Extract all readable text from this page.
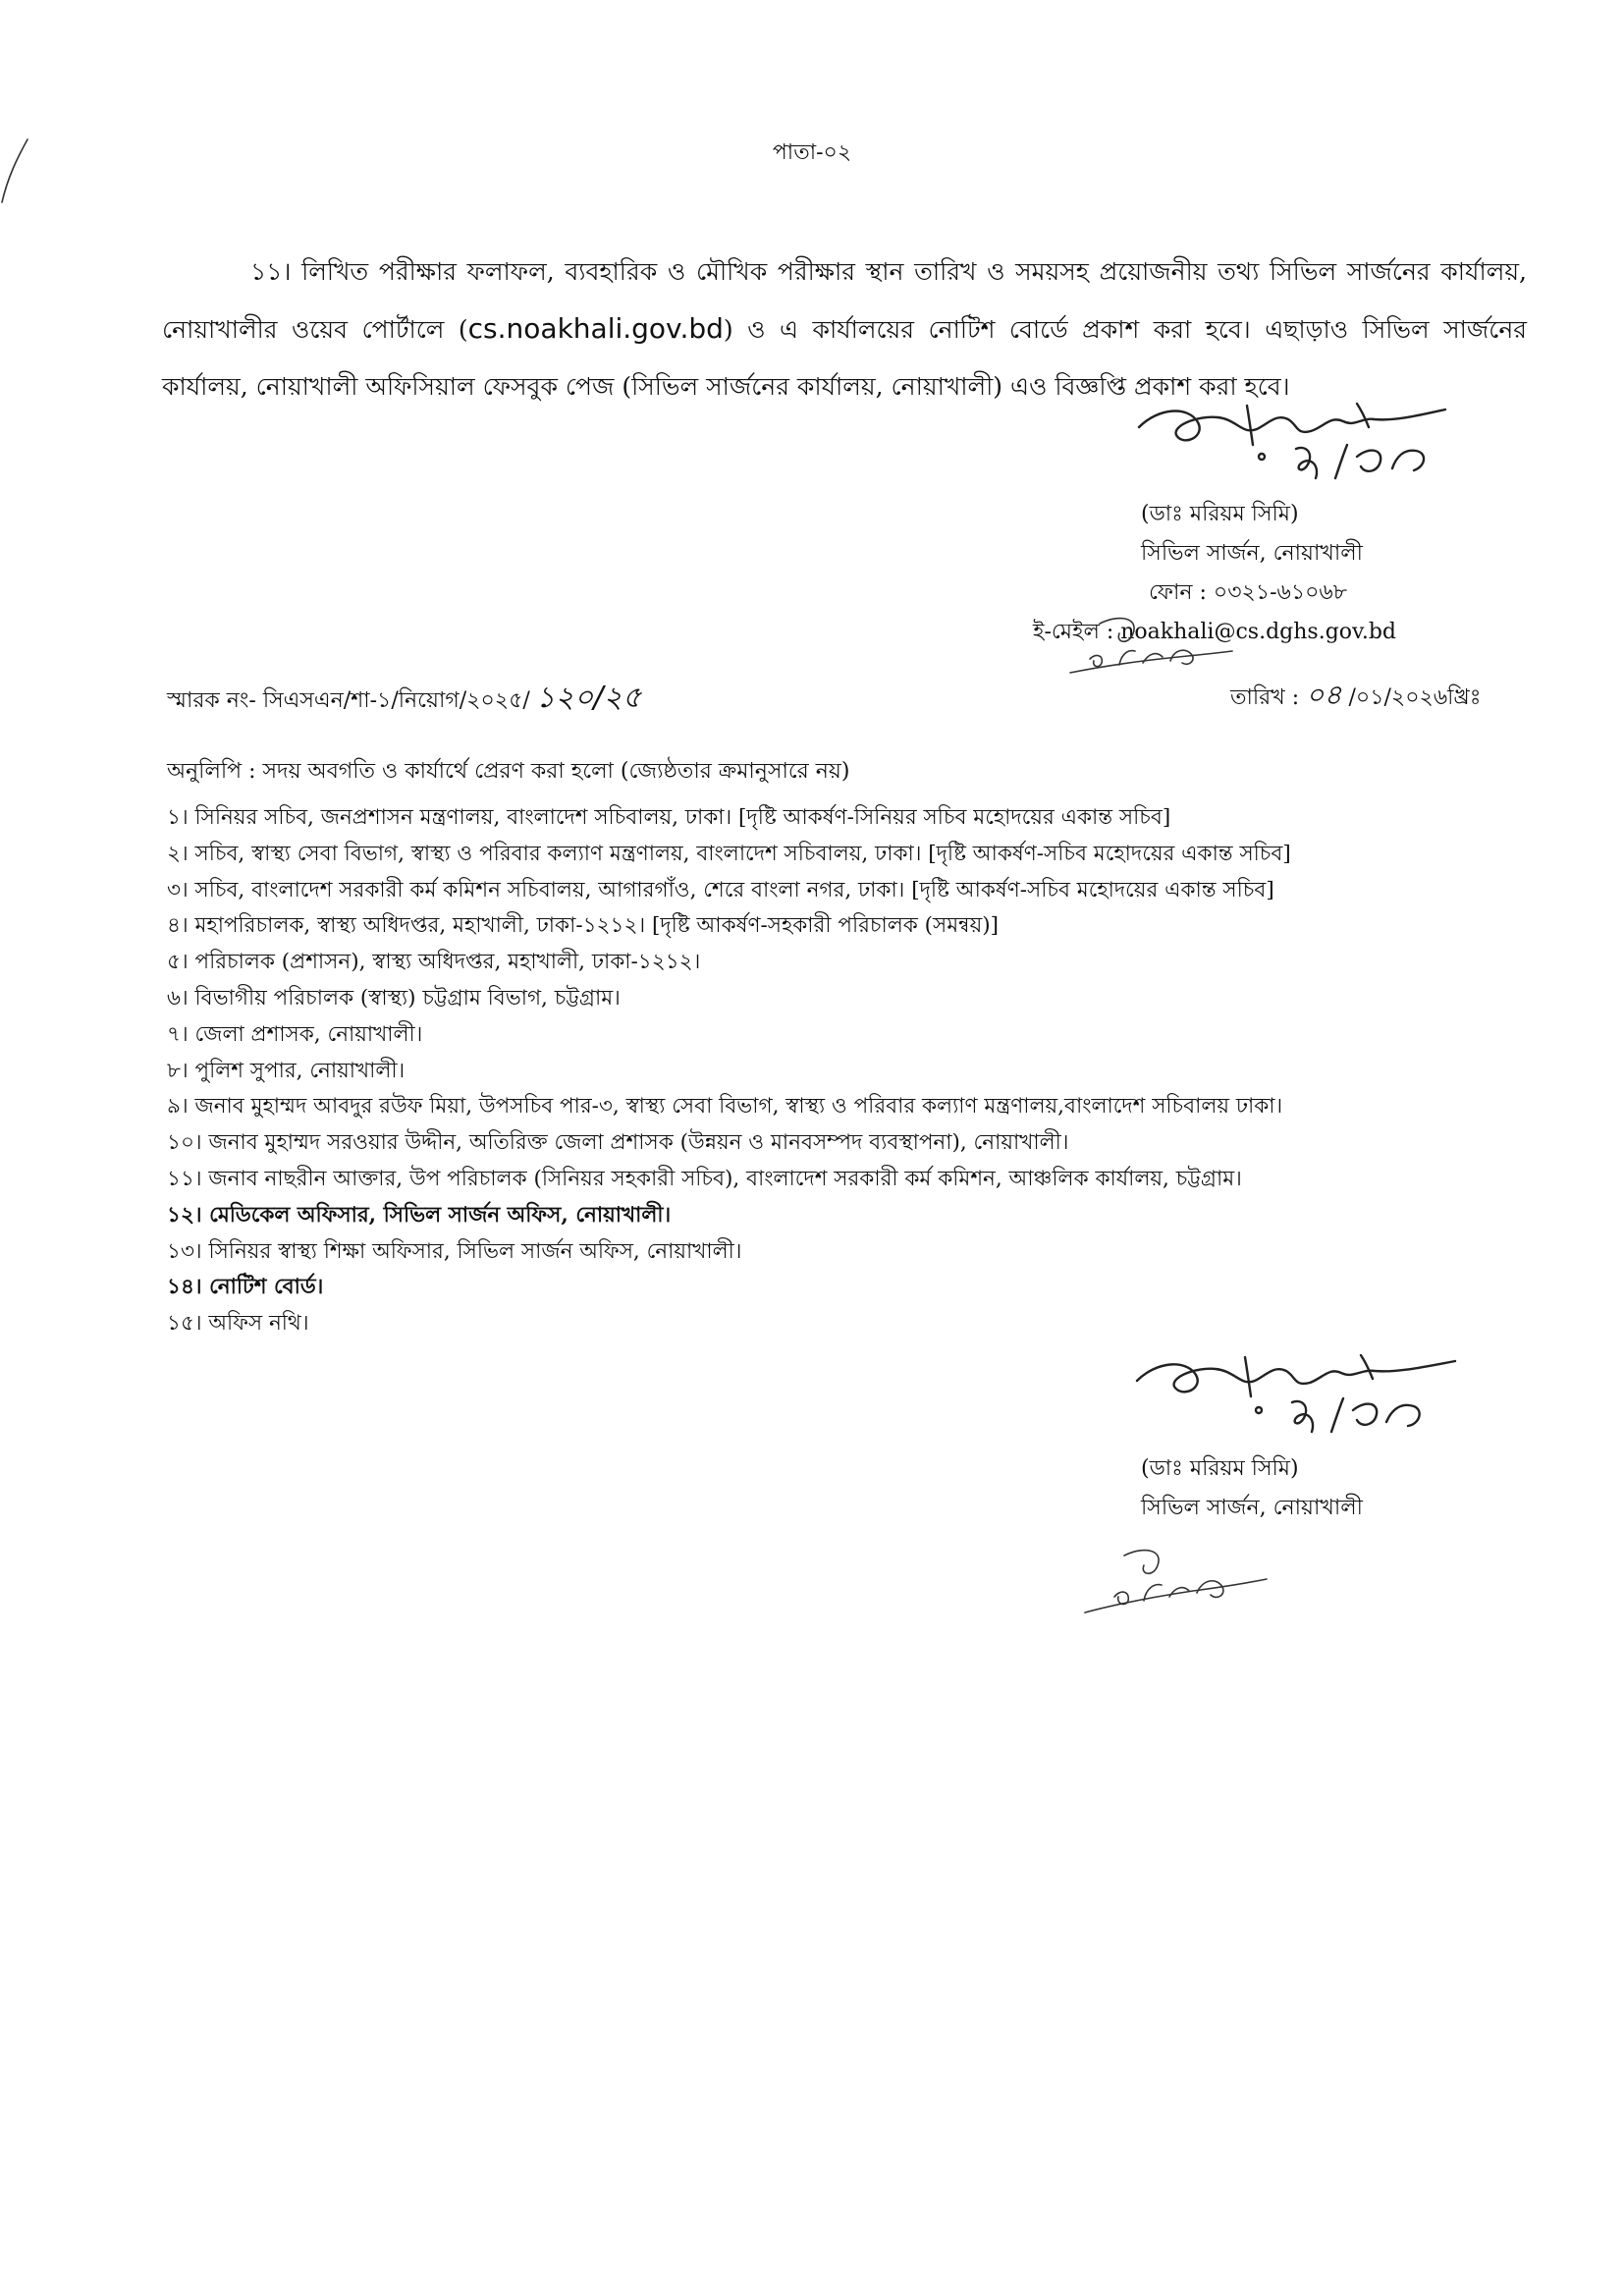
পাতা-০২
১১। লিখিত পরীক্ষার ফলাফল, ব্যবহারিক ও মৌখিক পরীক্ষার স্থান তারিখ ও সময়সহ প্রয়োজনীয় তথ্য সিভিল সার্জনের কার্যালয়, নোয়াখালীর ওয়েব পোর্টালে (cs.noakhali.gov.bd) ও এ কার্যালয়ের নোটিশ বোর্ডে প্রকাশ করা হবে। এছাড়াও সিভিল সার্জনের কার্যালয়, নোয়াখালী অফিসিয়াল ফেসবুক পেজ (সিভিল সার্জনের কার্যালয়, নোয়াখালী) এও বিজ্ঞপ্তি প্রকাশ করা হবে।
(ডাঃ মরিয়ম সিমি)
সিভিল সার্জন, নোয়াখালী
ফোন : ০৩২১-৬১০৬৮
ই-মেইল : noakhali@cs.dghs.gov.bd
স্মারক নং- সিএসএন/শা-১/নিয়োগ/২০২৫/ ১২০/২৫	তারিখ : ০৪ /০১/২০২৬খ্রিঃ
অনুলিপি : সদয় অবগতি ও কার্যার্থে প্রেরণ করা হলো (জ্যেষ্ঠতার ক্রমানুসারে নয়)
১। সিনিয়র সচিব, জনপ্রশাসন মন্ত্রণালয়, বাংলাদেশ সচিবালয়, ঢাকা। [দৃষ্টি আকর্ষণ-সিনিয়র সচিব মহোদয়ের একান্ত সচিব]
২। সচিব, স্বাস্থ্য সেবা বিভাগ, স্বাস্থ্য ও পরিবার কল্যাণ মন্ত্রণালয়, বাংলাদেশ সচিবালয়, ঢাকা। [দৃষ্টি আকর্ষণ-সচিব মহোদয়ের একান্ত সচিব]
৩। সচিব, বাংলাদেশ সরকারী কর্ম কমিশন সচিবালয়, আগারগাঁও, শেরে বাংলা নগর, ঢাকা। [দৃষ্টি আকর্ষণ-সচিব মহোদয়ের একান্ত সচিব]
৪। মহাপরিচালক, স্বাস্থ্য অধিদপ্তর, মহাখালী, ঢাকা-১২১২। [দৃষ্টি আকর্ষণ-সহকারী পরিচালক (সমন্বয়)]
৫। পরিচালক (প্রশাসন), স্বাস্থ্য অধিদপ্তর, মহাখালী, ঢাকা-১২১২।
৬। বিভাগীয় পরিচালক (স্বাস্থ্য) চট্টগ্রাম বিভাগ, চট্টগ্রাম।
৭। জেলা প্রশাসক, নোয়াখালী।
৮। পুলিশ সুপার, নোয়াখালী।
৯। জনাব মুহাম্মদ আবদুর রউফ মিয়া, উপসচিব পার-৩, স্বাস্থ্য সেবা বিভাগ, স্বাস্থ্য ও পরিবার কল্যাণ মন্ত্রণালয়,বাংলাদেশ সচিবালয় ঢাকা।
১০। জনাব মুহাম্মদ সরওয়ার উদ্দীন, অতিরিক্ত জেলা প্রশাসক (উন্নয়ন ও মানবসম্পদ ব্যবস্থাপনা), নোয়াখালী।
১১। জনাব নাছরীন আক্তার, উপ পরিচালক (সিনিয়র সহকারী সচিব), বাংলাদেশ সরকারী কর্ম কমিশন, আঞ্চলিক কার্যালয়, চট্টগ্রাম।
১২। মেডিকেল অফিসার, সিভিল সার্জন অফিস, নোয়াখালী।
১৩। সিনিয়র স্বাস্থ্য শিক্ষা অফিসার, সিভিল সার্জন অফিস, নোয়াখালী।
১৪। নোটিশ বোর্ড।
১৫। অফিস নথি।
(ডাঃ মরিয়ম সিমি)
সিভিল সার্জন, নোয়াখালী
